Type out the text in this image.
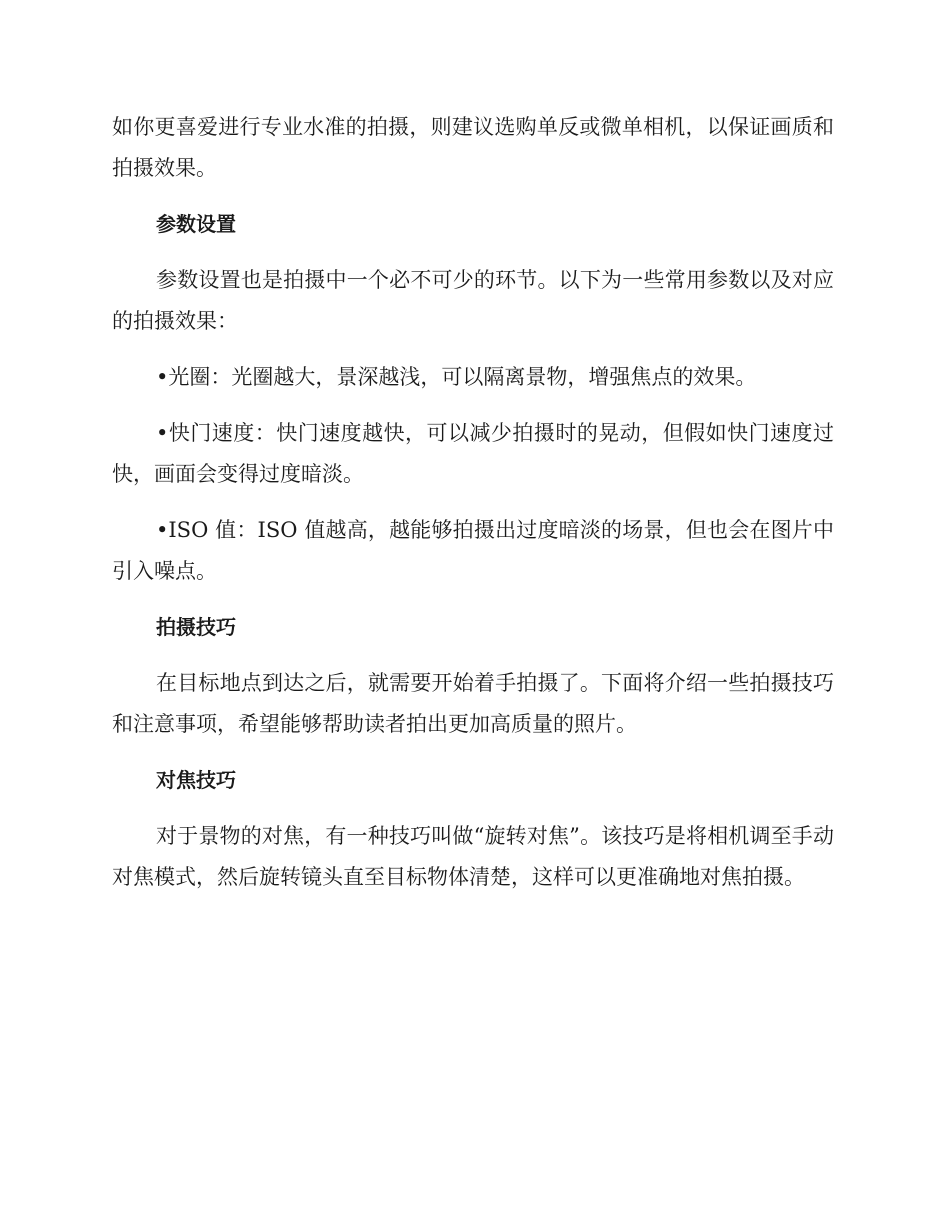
如你更喜爱进行专业水准的拍摄，则建议选购单反或微单相机，以保证画质和拍摄效果。

参数设置

参数设置也是拍摄中一个必不可少的环节。以下为一些常用参数以及对应的拍摄效果：

•光圈：光圈越大，景深越浅，可以隔离景物，增强焦点的效果。

•快门速度：快门速度越快，可以减少拍摄时的晃动，但假如快门速度过快，画面会变得过度暗淡。

•ISO 值：ISO 值越高，越能够拍摄出过度暗淡的场景，但也会在图片中引入噪点。

拍摄技巧

在目标地点到达之后，就需要开始着手拍摄了。下面将介绍一些拍摄技巧和注意事项，希望能够帮助读者拍出更加高质量的照片。

对焦技巧

对于景物的对焦，有一种技巧叫做“旋转对焦”。该技巧是将相机调至手动对焦模式，然后旋转镜头直至目标物体清楚，这样可以更准确地对焦拍摄。
